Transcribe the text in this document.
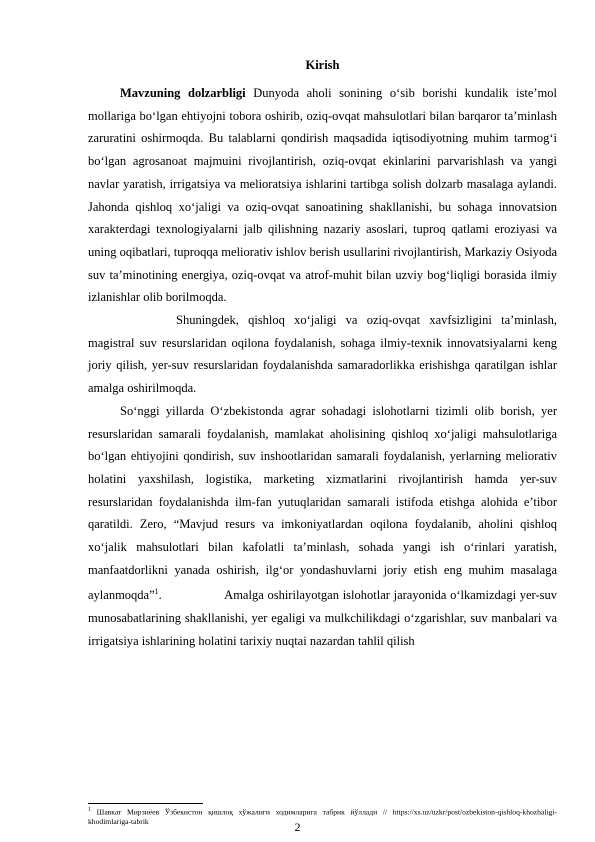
Kirish

Mavzuning dolzarbligi Dunyoda aholi sonining o‘sib borishi kundalik iste’mol mollariga bo‘lgan ehtiyojni tobora oshirib, oziq-ovqat mahsulotlari bilan barqaror ta’minlash zaruratini oshirmoqda. Bu talablarni qondirish maqsadida iqtisodiyotning muhim tarmog‘i bo‘lgan agrosanoat majmuini rivojlantirish, oziq-ovqat ekinlarini parvarishlash va yangi navlar yaratish, irrigatsiya va melioratsiya ishlarini tartibga solish dolzarb masalaga aylandi. Jahonda qishloq xo‘jaligi va oziq-ovqat sanoatining shakllanishi, bu sohaga innovatsion xarakterdagi texnologiyalarni jalb qilishning nazariy asoslari, tuproq qatlami eroziyasi va uning oqibatlari, tuproqqa meliorativ ishlov berish usullarini rivojlantirish, Markaziy Osiyoda suv ta’minotining energiya, oziq-ovqat va atrof-muhit bilan uzviy bog‘liqligi borasida ilmiy izlanishlar olib borilmoqda.

Shuningdek, qishloq xo‘jaligi va oziq-ovqat xavfsizligini ta’minlash, magistral suv resurslaridan oqilona foydalanish, sohaga ilmiy-texnik innovatsiyalarni keng joriy qilish, yer-suv resurslaridan foydalanishda samaradorlikka erishishga qaratilgan ishlar amalga oshirilmoqda.

So‘nggi yillarda O‘zbekistonda agrar sohadagi islohotlarni tizimli olib borish, yer resurslaridan samarali foydalanish, mamlakat aholisining qishloq xo‘jaligi mahsulotlariga bo‘lgan ehtiyojini qondirish, suv inshootlaridan samarali foydalanish, yerlarning meliorativ holatini yaxshilash, logistika, marketing xizmatlarini rivojlantirish hamda yer-suv resurslaridan foydalanishda ilm-fan yutuqlaridan samarali istifoda etishga alohida e’tibor qaratildi. Zero, “Mavjud resurs va imkoniyatlardan oqilona foydalanib, aholini qishloq xo‘jalik mahsulotlari bilan kafolatli ta’minlash, sohada yangi ish o‘rinlari yaratish, manfaatdorlikni yanada oshirish, ilg‘or yondashuvlarni joriy etish eng muhim masalaga aylanmoqda”$^1$.                 Amalga oshirilayotgan islohotlar jarayonida o‘lkamizdagi yer-suv munosabatlarining shakllanishi, yer egaligi va mulkchilikdagi o‘zgarishlar, suv manbalari va irrigatsiya ishlarining holatini tarixiy nuqtai nazardan tahlil qilish

$^1$ Шавкат Мирзиёев Ўзбекистон қишлоқ хўжалиги ходимларига табрик йўллади // https://xs.uz/uzkr/post/ozbekiston-qishloq-khozhaligi-khodimlariga-tabrik	2
